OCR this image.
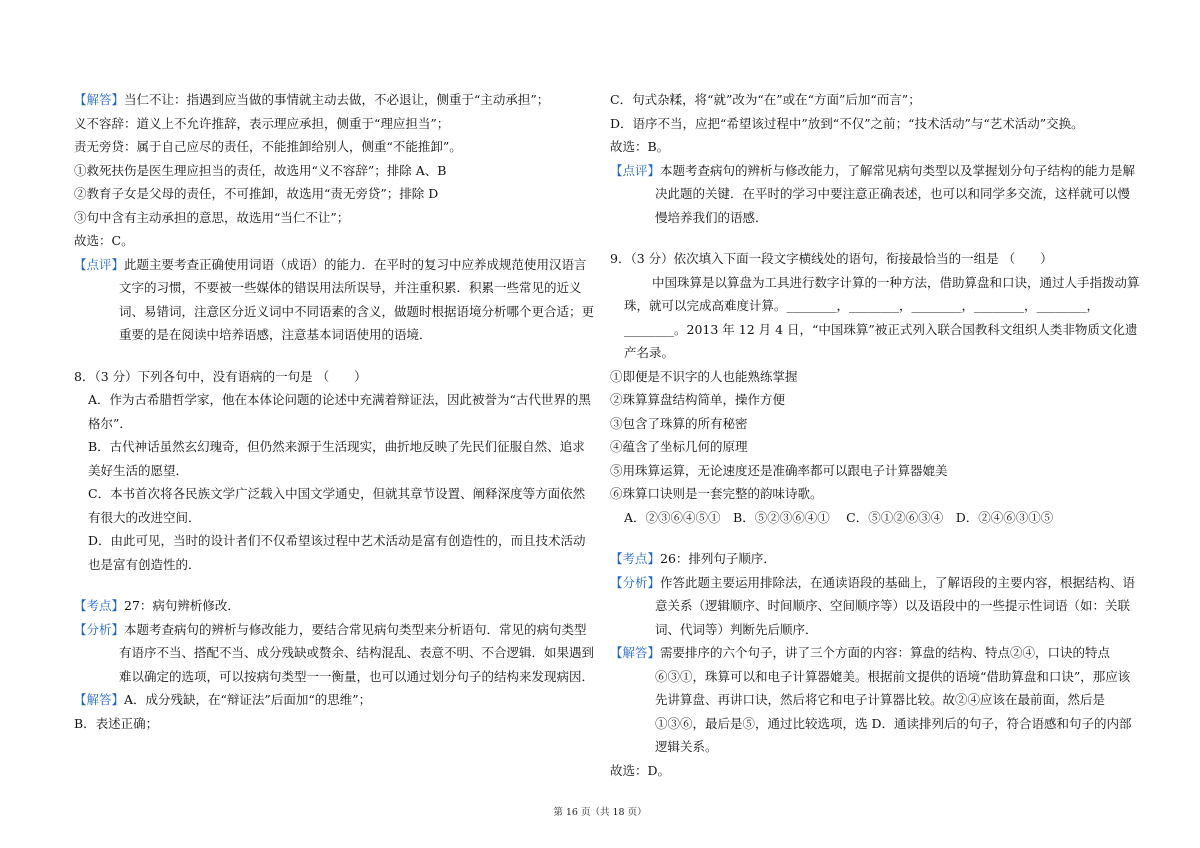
【解答】当仁不让：指遇到应当做的事情就主动去做，不必退让，侧重于“主动承担”；
义不容辞：道义上不允许推辞，表示理应承担，侧重于“理应担当”；
责无旁贷：属于自己应尽的责任，不能推卸给别人，侧重“不能推卸”。
①救死扶伤是医生理应担当的责任，故选用“义不容辞”；排除 A、B
②教育子女是父母的责任，不可推卸，故选用“责无旁贷”；排除 D
③句中含有主动承担的意思，故选用“当仁不让”；
故选：C。
【点评】此题主要考查正确使用词语（成语）的能力．在平时的复习中应养成规范使用汉语言文字的习惯，不要被一些媒体的错误用法所误导，并注重积累．积累一些常见的近义词、易错词，注意区分近义词中不同语素的含义，做题时根据语境分析哪个更合适；更重要的是在阅读中培养语感，注意基本词语使用的语境．
8．（3 分）下列各句中，没有语病的一句是 （　　）
A．作为古希腊哲学家，他在本体论问题的论述中充满着辩证法，因此被誉为“古代世界的黑格尔”．
B．古代神话虽然玄幻瑰奇，但仍然来源于生活现实，曲折地反映了先民们征服自然、追求美好生活的愿望．
C．本书首次将各民族文学广泛载入中国文学通史，但就其章节设置、阐释深度等方面依然有很大的改进空间．
D．由此可见，当时的设计者们不仅希望该过程中艺术活动是富有创造性的，而且技术活动也是富有创造性的．
【考点】27：病句辨析修改．
【分析】本题考查病句的辨析与修改能力，要结合常见病句类型来分析语句．常见的病句类型有语序不当、搭配不当、成分残缺或赘余、结构混乱、表意不明、不合逻辑．如果遇到难以确定的选项，可以按病句类型一一衡量，也可以通过划分句子的结构来发现病因．
【解答】A．成分残缺，在“辩证法”后面加“的思维”；
B．表述正确；
C．句式杂糅，将“就”改为“在”或在“方面”后加“而言”；
D．语序不当，应把“希望该过程中”放到“不仅”之前；“技术活动”与“艺术活动”交换。
故选：B。
【点评】本题考查病句的辨析与修改能力，了解常见病句类型以及掌握划分句子结构的能力是解决此题的关键．在平时的学习中要注意正确表述，也可以和同学多交流，这样就可以慢慢培养我们的语感．
9．（3 分）依次填入下面一段文字横线处的语句，衔接最恰当的一组是 （　　）
中国珠算是以算盘为工具进行数字计算的一种方法，借助算盘和口诀，通过人手指拨动算珠，就可以完成高难度计算。________，________，________，________，________，________。2013 年 12 月 4 日，“中国珠算”被正式列入联合国教科文组织人类非物质文化遗产名录。
①即便是不识字的人也能熟练掌握
②珠算算盘结构简单，操作方便
③包含了珠算的所有秘密
④蕴含了坐标几何的原理
⑤用珠算运算，无论速度还是准确率都可以跟电子计算器媲美
⑥珠算口诀则是一套完整的韵味诗歌。
A．②③⑥④⑤①　B．⑤②③⑥④①　 C．⑤①②⑥③④　D．②④⑥③①⑤
【考点】26：排列句子顺序．
【分析】作答此题主要运用排除法，在通读语段的基础上，了解语段的主要内容，根据结构、语意关系（逻辑顺序、时间顺序、空间顺序等）以及语段中的一些提示性词语（如：关联词、代词等）判断先后顺序．
【解答】需要排序的六个句子，讲了三个方面的内容：算盘的结构、特点②④，口诀的特点⑥③①，珠算可以和电子计算器媲美。根据前文提供的语境“借助算盘和口诀”，那应该先讲算盘、再讲口诀，然后将它和电子计算器比较。故②④应该在最前面，然后是①③⑥，最后是⑤，通过比较选项，选 D．通读排列后的句子，符合语感和句子的内部逻辑关系。
故选：D。
第 16 页（共 18 页）
